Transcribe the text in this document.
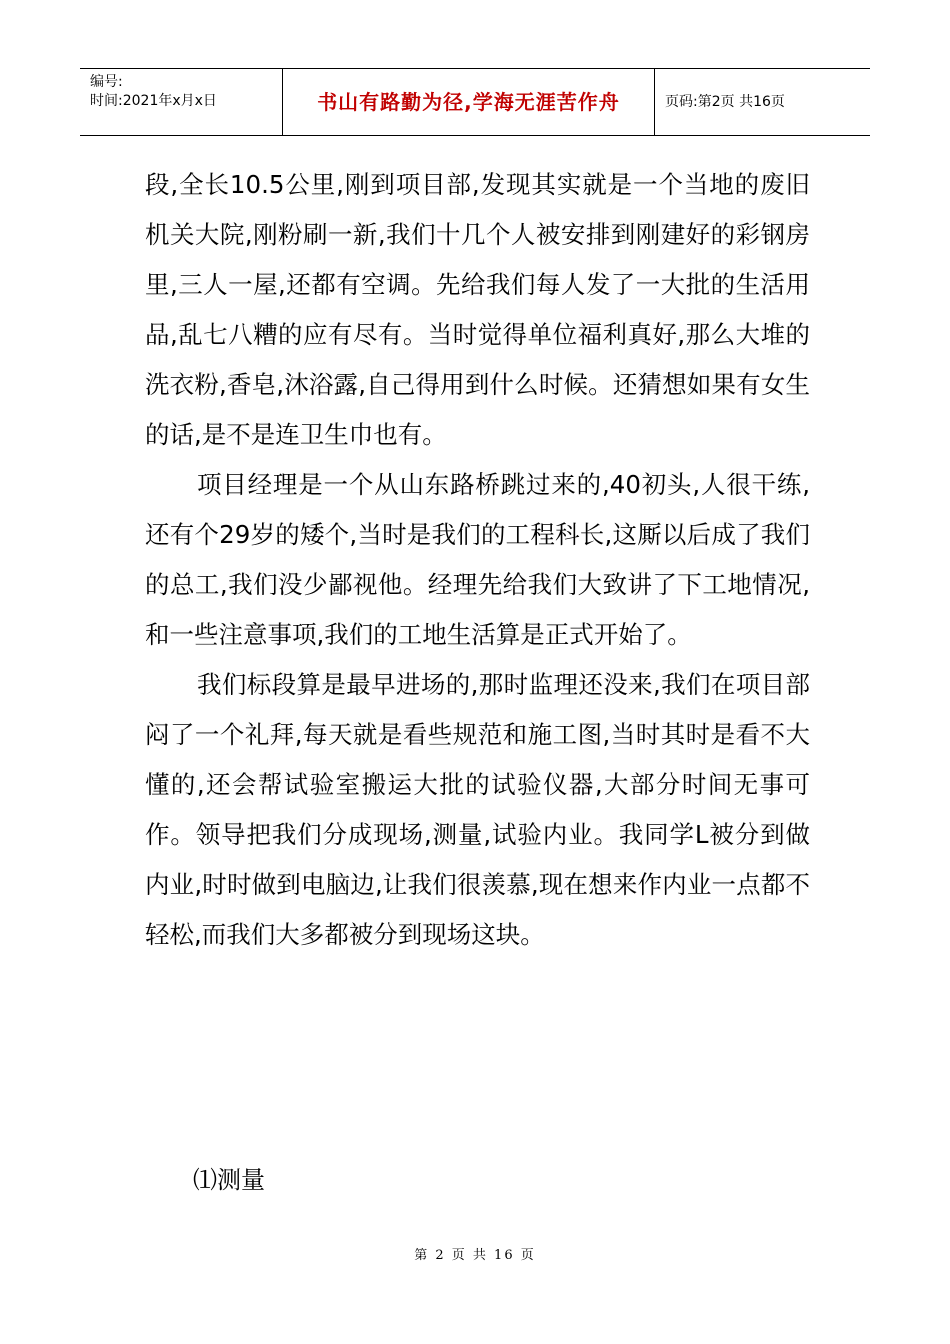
编号:
时间:2021年x月x日	书山有路勤为径,学海无涯苦作舟	页码:第2页 共16页

段,全长10.5公里,刚到项目部,发现其实就是一个当地的废旧机关大院,刚粉刷一新,我们十几个人被安排到刚建好的彩钢房里,三人一屋,还都有空调。先给我们每人发了一大批的生活用品,乱七八糟的应有尽有。当时觉得单位福利真好,那么大堆的洗衣粉,香皂,沐浴露,自己得用到什么时候。还猜想如果有女生的话,是不是连卫生巾也有。

项目经理是一个从山东路桥跳过来的,40初头,人很干练,还有个29岁的矮个,当时是我们的工程科长,这厮以后成了我们的总工,我们没少鄙视他。经理先给我们大致讲了下工地情况,和一些注意事项,我们的工地生活算是正式开始了。

我们标段算是最早进场的,那时监理还没来,我们在项目部闷了一个礼拜,每天就是看些规范和施工图,当时其时是看不大懂的,还会帮试验室搬运大批的试验仪器,大部分时间无事可作。领导把我们分成现场,测量,试验内业。我同学L被分到做内业,时时做到电脑边,让我们很羡慕,现在想来作内业一点都不轻松,而我们大多都被分到现场这块。

⑴测量
第 2 页 共 16 页
